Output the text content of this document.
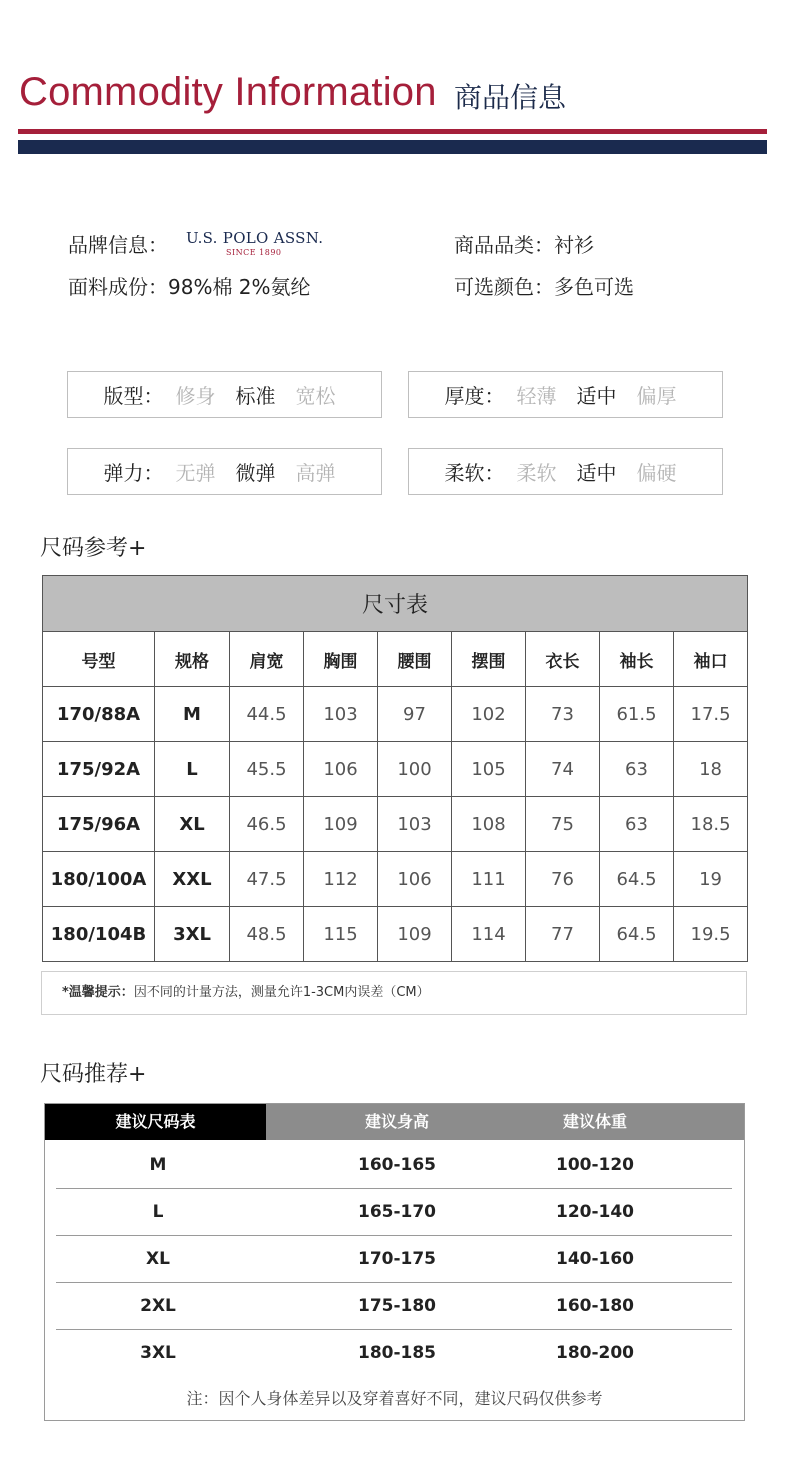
Commodity Information 商品信息
品牌信息： U.S. POLO ASSN.
SINCE 1890
面料成份：98%棉 2%氨纶
商品品类：衬衫
可选颜色：多色可选
版型： 修身 标准 宽松	厚度： 轻薄 适中 偏厚
弹力： 无弹 微弹 高弹	柔软： 柔软 适中 偏硬
尺码参考+
尺寸表								
号型	规格	肩宽	胸围	腰围	摆围	衣长	袖长	袖口
170/88A	M	44.5	103	97	102	73	61.5	17.5
175/92A	L	45.5	106	100	105	74	63	18
175/96A	XL	46.5	109	103	108	75	63	18.5
180/100A	XXL	47.5	112	106	111	76	64.5	19
180/104B	3XL	48.5	115	109	114	77	64.5	19.5
*温馨提示：因不同的计量方法，测量允许1-3CM内误差（CM）
尺码推荐+
建议尺码表	建议身高	建议体重
M	160-165	100-120
L	165-170	120-140
XL	170-175	140-160
2XL	175-180	160-180
3XL	180-185	180-200
注：因个人身体差异以及穿着喜好不同，建议尺码仅供参考
